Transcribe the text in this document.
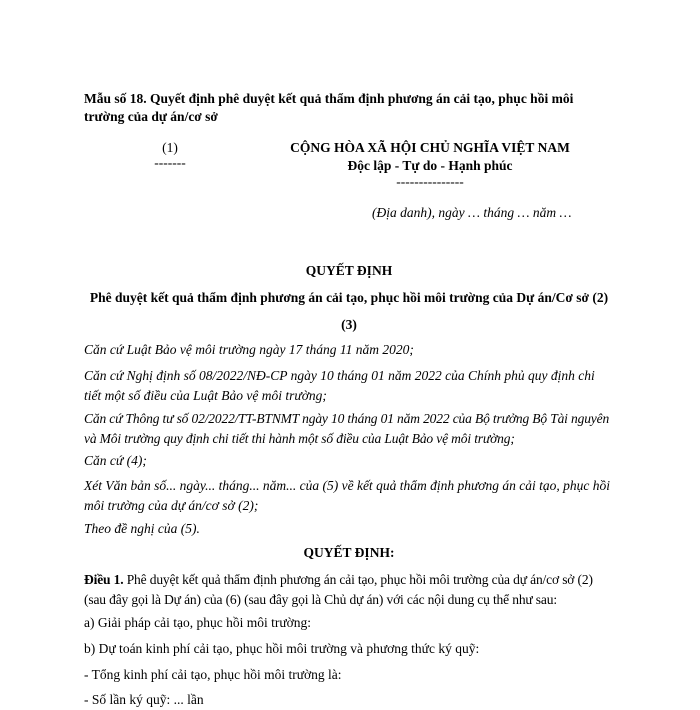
Mẫu số 18. Quyết định phê duyệt kết quả thẩm định phương án cải tạo, phục hồi môi trường của dự án/cơ sở
(1)
-------
CỘNG HÒA XÃ HỘI CHỦ NGHĨA VIỆT NAM
Độc lập - Tự do - Hạnh phúc
---------------
(Địa danh), ngày … tháng … năm …
QUYẾT ĐỊNH
Phê duyệt kết quả thẩm định phương án cải tạo, phục hồi môi trường của Dự án/Cơ sở (2)
(3)
Căn cứ Luật Bảo vệ môi trường ngày 17 tháng 11 năm 2020;
Căn cứ Nghị định số 08/2022/NĐ-CP ngày 10 tháng 01 năm 2022 của Chính phủ quy định chi tiết một số điều của Luật Bảo vệ môi trường;
Căn cứ Thông tư số 02/2022/TT-BTNMT ngày 10 tháng 01 năm 2022 của Bộ trưởng Bộ Tài nguyên và Môi trường quy định chi tiết thi hành một số điều của Luật Bảo vệ môi trường;
Căn cứ (4);
Xét Văn bản số... ngày... tháng... năm... của (5) về kết quả thẩm định phương án cải tạo, phục hồi môi trường của dự án/cơ sở (2);
Theo đề nghị của (5).
QUYẾT ĐỊNH:
Điều 1. Phê duyệt kết quả thẩm định phương án cải tạo, phục hồi môi trường của dự án/cơ sở (2) (sau đây gọi là Dự án) của (6) (sau đây gọi là Chủ dự án) với các nội dung cụ thể như sau:
a) Giải pháp cải tạo, phục hồi môi trường:
b) Dự toán kinh phí cải tạo, phục hồi môi trường và phương thức ký quỹ:
- Tổng kinh phí cải tạo, phục hồi môi trường là:
- Số lần ký quỹ: ... lần
